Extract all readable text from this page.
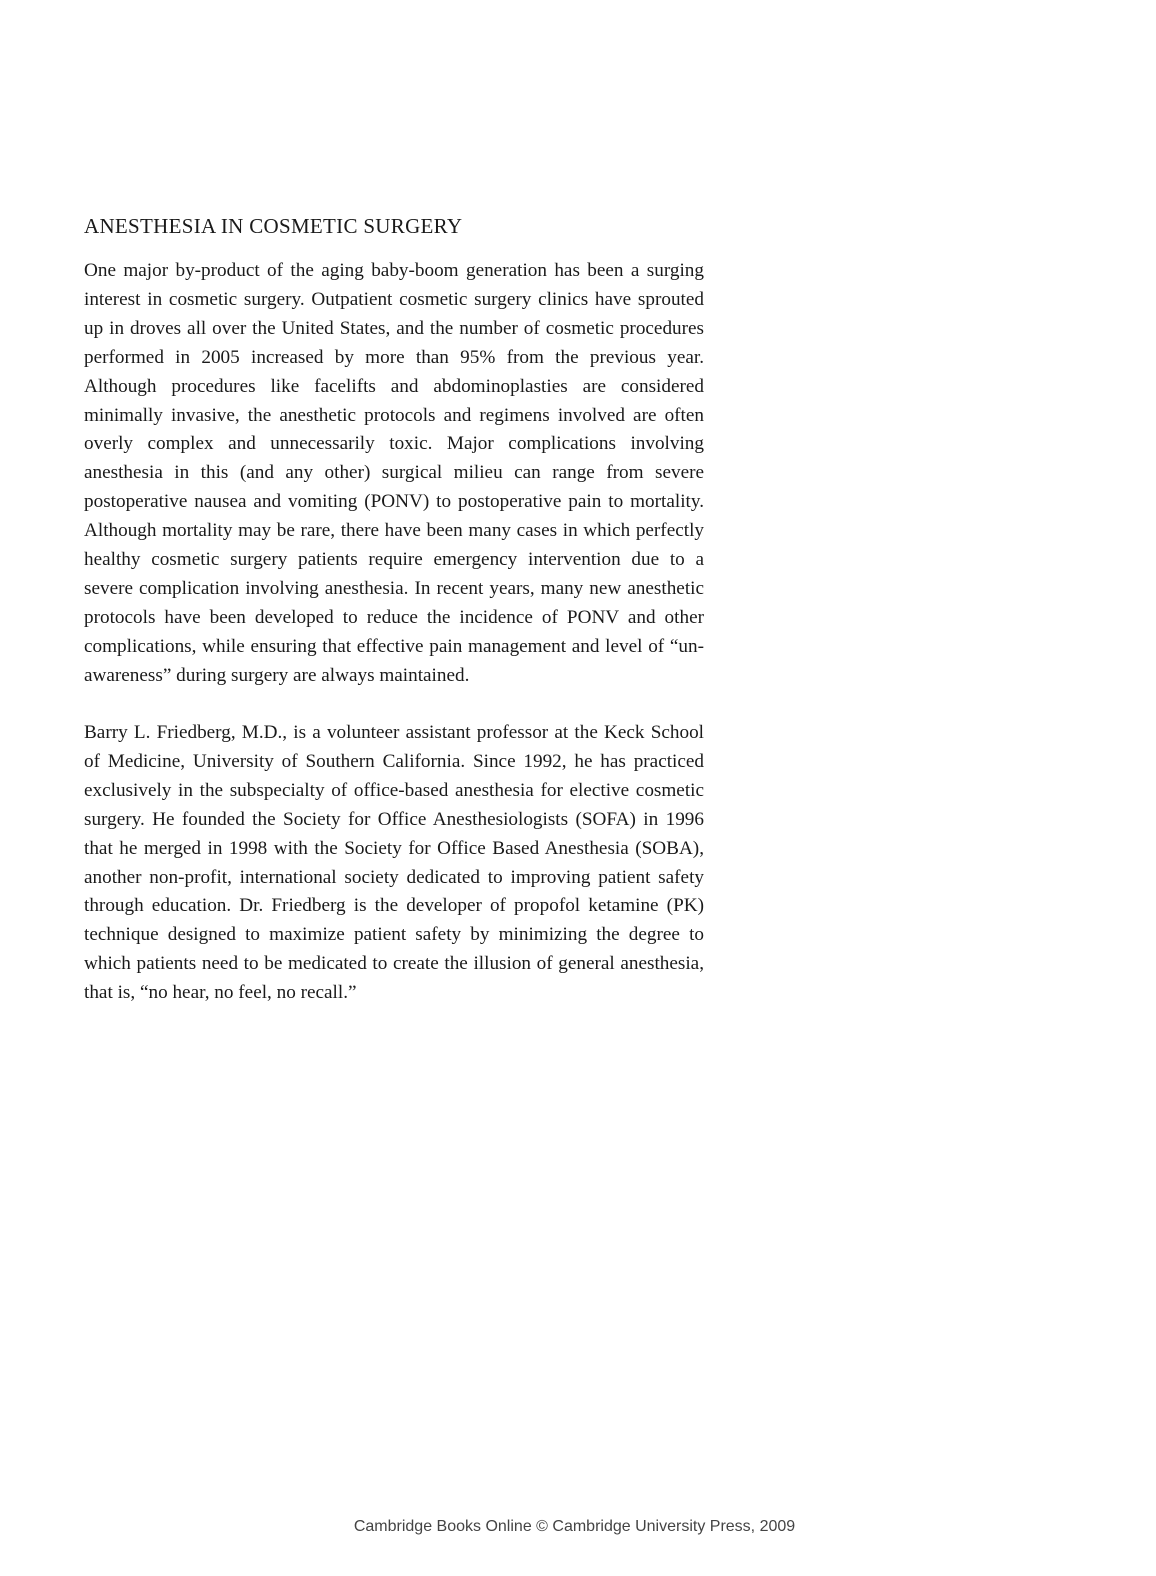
ANESTHESIA IN COSMETIC SURGERY

One major by-product of the aging baby-boom generation has been a surging interest in cosmetic surgery. Outpatient cosmetic surgery clinics have sprouted up in droves all over the United States, and the number of cosmetic procedures performed in 2005 increased by more than 95% from the previous year. Although procedures like facelifts and abdominoplasties are considered minimally invasive, the anesthetic protocols and regimens involved are often overly complex and unnecessarily toxic. Major complications involving anesthesia in this (and any other) surgical milieu can range from severe postoperative nausea and vomiting (PONV) to postoperative pain to mortality. Although mortality may be rare, there have been many cases in which perfectly healthy cosmetic surgery patients require emergency intervention due to a severe complication involving anesthesia. In recent years, many new anesthetic protocols have been developed to reduce the incidence of PONV and other complications, while ensuring that effective pain management and level of “un-awareness” during surgery are always maintained.

Barry L. Friedberg, M.D., is a volunteer assistant professor at the Keck School of Medicine, University of Southern California. Since 1992, he has practiced exclusively in the subspecialty of office-based anesthesia for elective cosmetic surgery. He founded the Society for Office Anesthesiologists (SOFA) in 1996 that he merged in 1998 with the Society for Office Based Anesthesia (SOBA), another non-profit, international society dedicated to improving patient safety through education. Dr. Friedberg is the developer of propofol ketamine (PK) technique designed to maximize patient safety by minimizing the degree to which patients need to be medicated to create the illusion of general anesthesia, that is, “no hear, no feel, no recall.”

Cambridge Books Online © Cambridge University Press, 2009
